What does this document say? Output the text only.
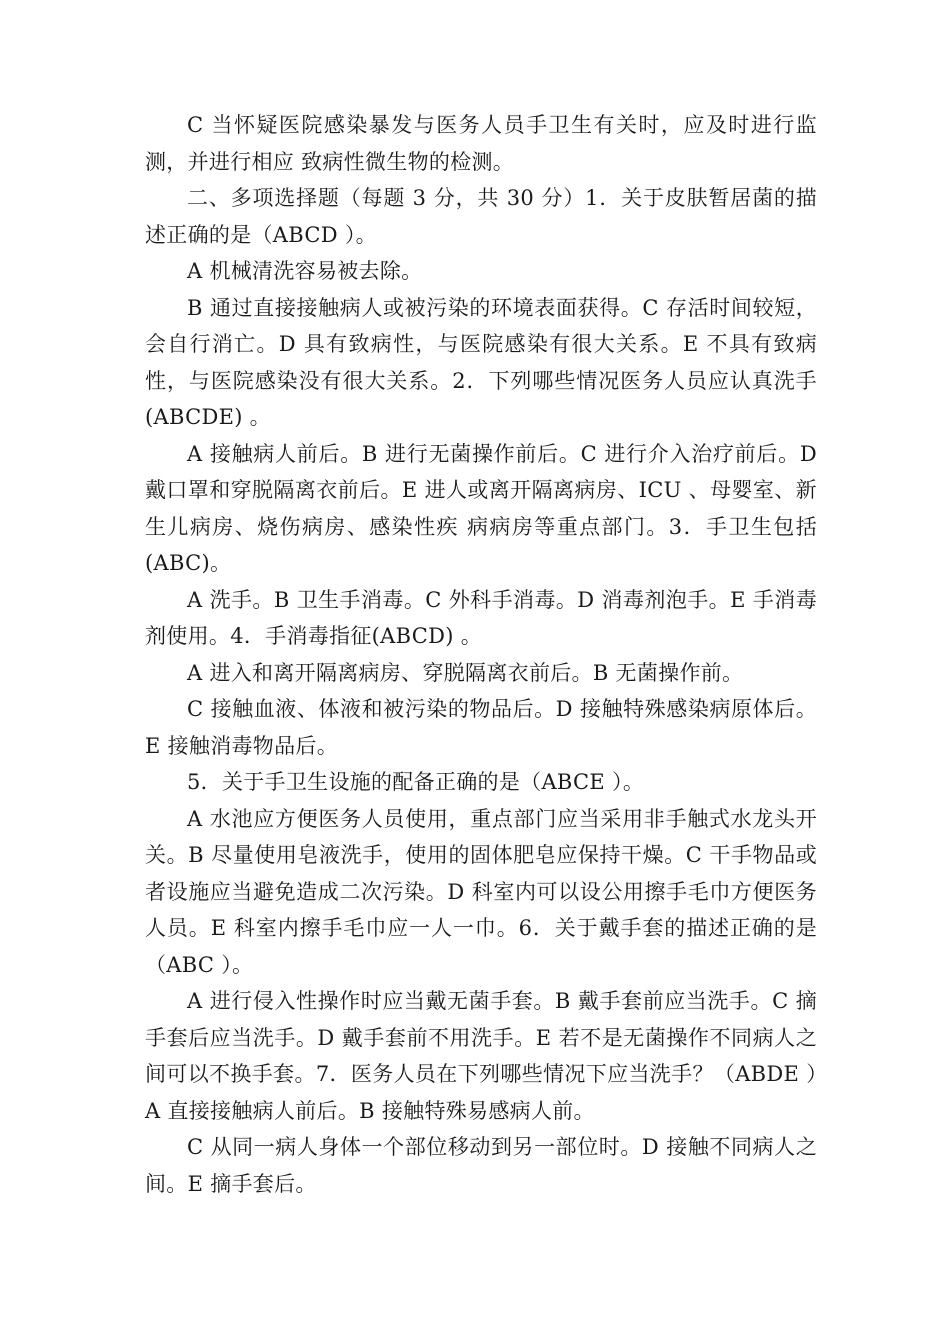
C 当怀疑医院感染暴发与医务人员手卫生有关时，应及时进行监测，并进行相应 致病性微生物的检测。

二、多项选择题（每题 3 分，共 30 分）1．关于皮肤暂居菌的描述正确的是（ABCD ）。

A 机械清洗容易被去除。

B 通过直接接触病人或被污染的环境表面获得。C 存活时间较短，会自行消亡。D 具有致病性，与医院感染有很大关系。E 不具有致病性，与医院感染没有很大关系。2．下列哪些情况医务人员应认真洗手(ABCDE) 。

A 接触病人前后。B 进行无菌操作前后。C 进行介入治疗前后。D 戴口罩和穿脱隔离衣前后。E 进人或离开隔离病房、ICU 、母婴室、新生儿病房、烧伤病房、感染性疾 病病房等重点部门。3．手卫生包括(ABC)。

A 洗手。B 卫生手消毒。C 外科手消毒。D 消毒剂泡手。E 手消毒剂使用。4．手消毒指征(ABCD) 。

A 进入和离开隔离病房、穿脱隔离衣前后。B 无菌操作前。

C 接触血液、体液和被污染的物品后。D 接触特殊感染病原体后。E 接触消毒物品后。

5．关于手卫生设施的配备正确的是（ABCE ）。

A 水池应方便医务人员使用，重点部门应当采用非手触式水龙头开关。B 尽量使用皂液洗手，使用的固体肥皂应保持干燥。C 干手物品或者设施应当避免造成二次污染。D 科室内可以设公用擦手毛巾方便医务人员。E 科室内擦手毛巾应一人一巾。6．关于戴手套的描述正确的是（ABC ）。

A 进行侵入性操作时应当戴无菌手套。B 戴手套前应当洗手。C 摘手套后应当洗手。D 戴手套前不用洗手。E 若不是无菌操作不同病人之间可以不换手套。7．医务人员在下列哪些情况下应当洗手？（ABDE ）A 直接接触病人前后。B 接触特殊易感病人前。

C 从同一病人身体一个部位移动到另一部位时。D 接触不同病人之间。E 摘手套后。
